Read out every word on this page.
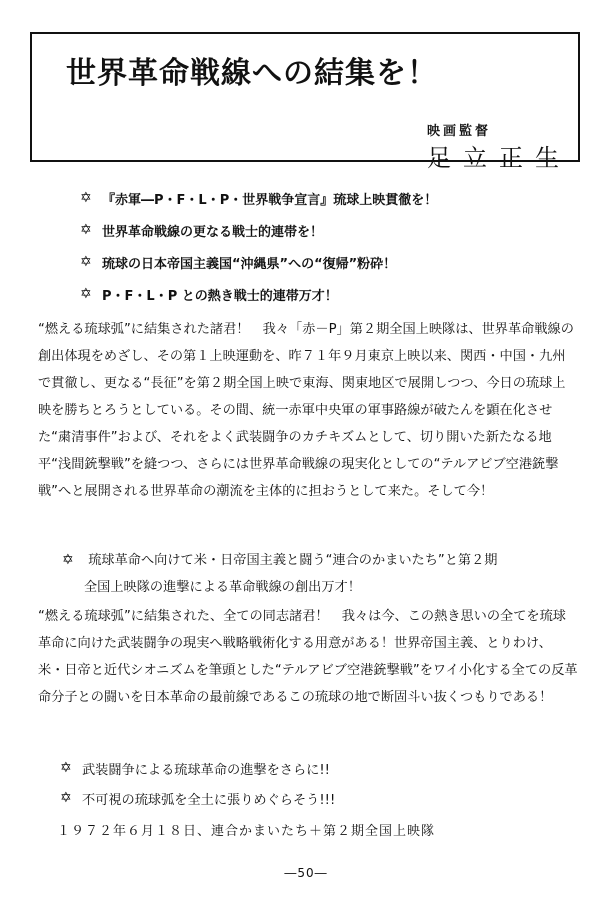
世界革命戦線への結集を！
映画監督
足立正生
✡ 『赤軍―P・F・L・P・世界戦争宣言』琉球上映貫徹を！
✡ 世界革命戦線の更なる戦士的連帯を！
✡ 琉球の日本帝国主義国“沖縄県”への“復帰”粉砕！
✡ P・F・L・P との熱き戦士的連帯万才！

“燃える琉球弧”に結集された諸君！　我々「赤－P」第２期全国上映隊は、世界革命戦線の創出体現をめざし、その第１上映運動を、昨７１年９月東京上映以来、関西・中国・九州で貫徹し、更なる“長征”を第２期全国上映で東海、関東地区で展開しつつ、今日の琉球上映を勝ちとろうとしている。その間、統一赤軍中央軍の軍事路線が破たんを顕在化させた“粛清事件”および、それをよく武装闘争のカチキズムとして、切り開いた新たなる地平“浅間銃撃戦”を縫つつ、さらには世界革命戦線の現実化としての“テルアビブ空港銃撃戦”へと展開される世界革命の潮流を主体的に担おうとして来た。そして今！

✡ 琉球革命へ向けて米・日帝国主義と闘う“連合のかまいたち”と第２期
全国上映隊の進撃による革命戦線の創出万才！

“燃える琉球弧”に結集された、全ての同志諸君！　我々は今、この熱き思いの全てを琉球革命に向けた武装闘争の現実へ戦略戦術化する用意がある！世界帝国主義、とりわけ、米・日帝と近代シオニズムを筆頭とした“テルアビブ空港銃撃戦”をワイ小化する全ての反革命分子との闘いを日本革命の最前線であるこの琉球の地で断固斗い抜くつもりである！

✡ 武装闘争による琉球革命の進撃をさらに!!
✡ 不可視の琉球弧を全土に張りめぐらそう!!!
１９７２年６月１８日、連合かまいたち＋第２期全国上映隊
―50―
